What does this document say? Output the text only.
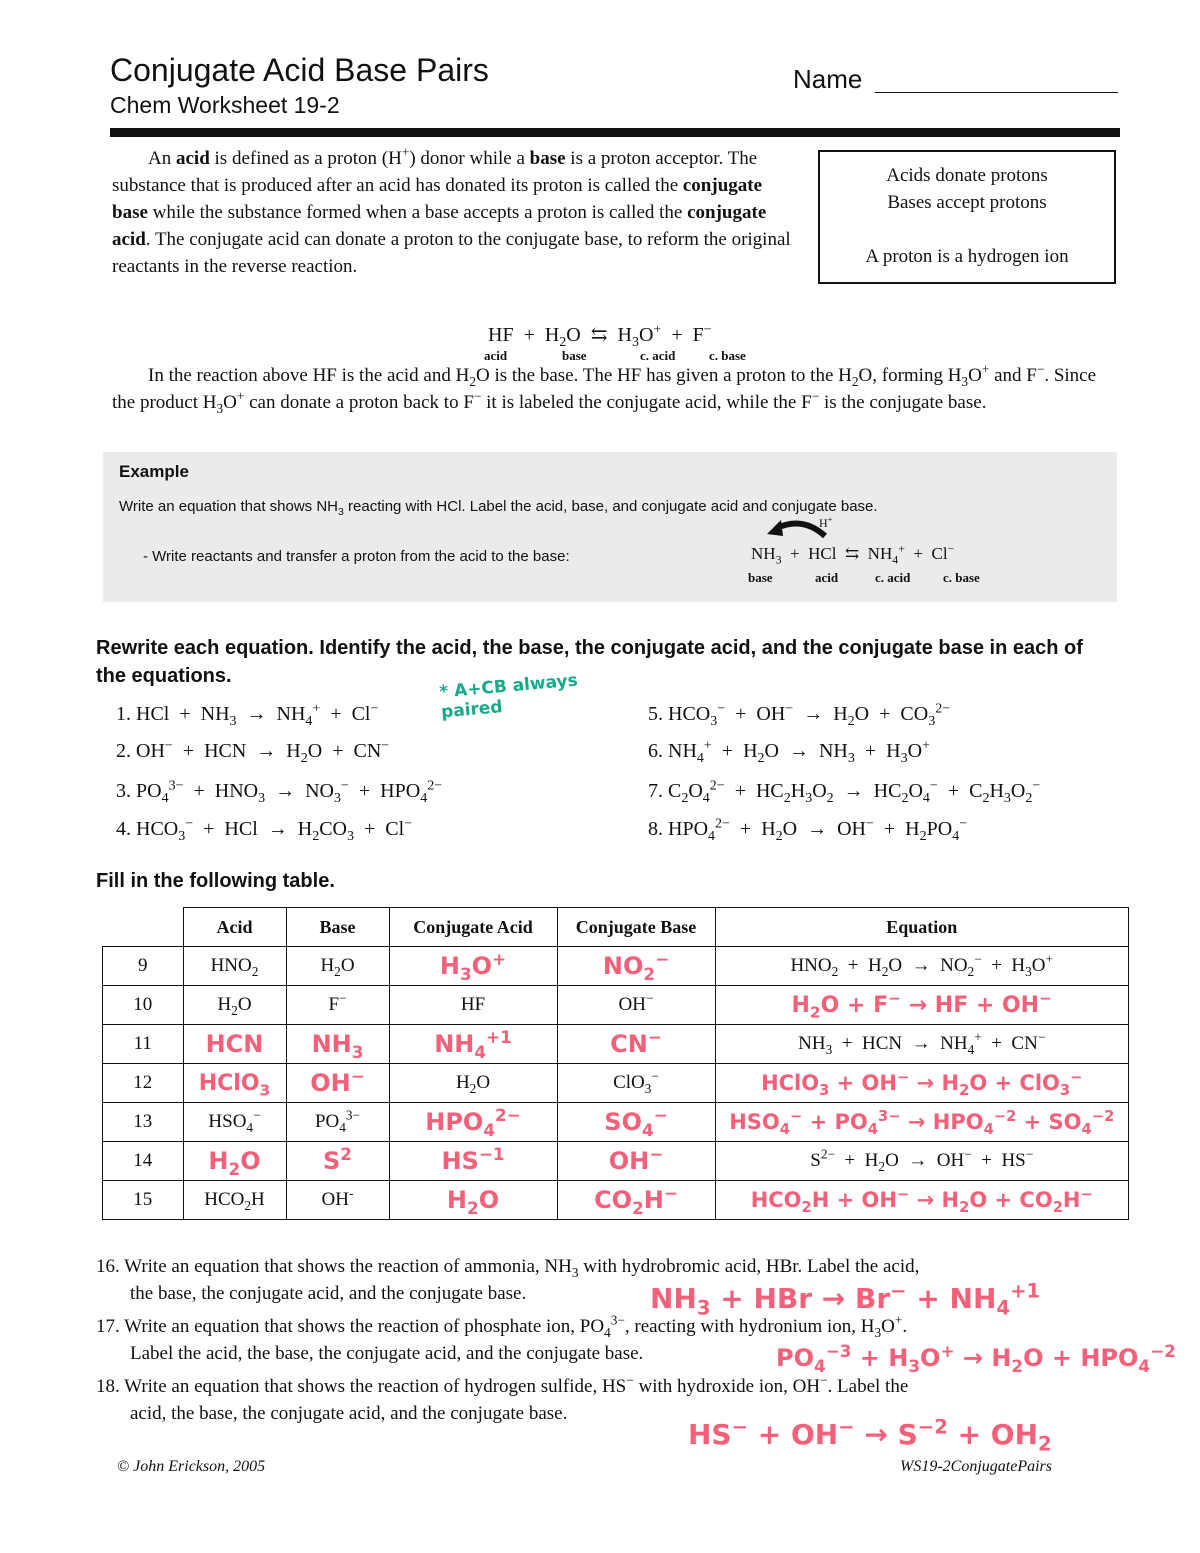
Conjugate Acid Base Pairs
Chem Worksheet 19-2
Name
An acid is defined as a proton (H+) donor while a base is a proton acceptor. The substance that is produced after an acid has donated its proton is called the conjugate base while the substance formed when a base accepts a proton is called the conjugate acid. The conjugate acid can donate a proton to the conjugate base, to reform the original reactants in the reverse reaction.
Acids donate protons
Bases accept protons
A proton is a hydrogen ion
HF  +  $H_2O$  ⇆  $H_3O^+ + F^-$
acid	base	c. acid	c. base
In the reaction above HF is the acid and $H_2O$ is the base. The HF has given a proton to the $H_2O$, forming $H_3O^+$ and F−. Since the product $H_3O^+$ can donate a proton back to F− it is labeled the conjugate acid, while the F− is the conjugate base.
Example
Write an equation that shows $NH_3$ reacting with HCl. Label the acid, base, and conjugate acid and conjugate base.
- Write reactants and transfer a proton from the acid to the base:
H+
$NH_3$  +  HCl  ⇆  $NH_4^+ + Cl^-$
base	acid	c. acid	c. base
Rewrite each equation. Identify the acid, the base, the conjugate acid, and the conjugate base in each of the equations.	* A+CB always paired
1. HCl  +  $NH_3 \to NH_4^+ + Cl^-$
2. OH−  +  HCN  →  $H_2O + CN^-$
3. $PO_4^{3-} + HNO_3 \to NO_3^- + HPO_4^{2-}$
4. $HCO_3^-$  +  HCl  →  $H_2CO_3 + Cl^-$
5. $HCO_3^- + OH^- \to H_2O + CO_3^{2-}$
6. $NH_4^+ + H_2O \to NH_3 + H_3O^+$
7. $C_2O_4^{2-} + HC_2H_3O_2 \to HC_2O_4^- + C_2H_3O_2^-$
8. $HPO_4^{2-} + H_2O \to OH^- + H_2PO_4^-$
Fill in the following table.
	Acid	Base	Conjugate Acid	Conjugate Base	Equation
9	$HNO_2$	$H_2O$	$H_3O^+$	$NO_2^-$	$HNO_2 + H_2O \to NO_2^- + H_3O^+$
10	$H_2O$	F−	HF	OH−	$H_2O + F^-$ → HF + OH−
11	HCN	$NH_3$	$NH_4^{+1}$	CN−	$NH_3$  +  HCN  →  $NH_4^+ + CN^-$
12	HClO$_3$	OH−	$H_2O$	ClO$_3$−	HClO$_3$ + $OH^- \to H_2O + ClO_3^-$
13	$HSO_4^-$	$PO_4^{3-}$	$HPO_4^{2-}$	$SO_4^-$	$HSO_4^- + PO_4^{3-} \to HPO_4^{-2} + SO_4^{-2}$
14	$H_2O$	$S^2$	$HS^{-1}$	OH−	$S^{2-} + H_2O \to OH^- + HS^-$
15	$HCO_2H$	OH-	$H_2O$	$CO_2H^-$	$HCO_2H + OH^- \to H_2O + CO_2H^-$
16. Write an equation that shows the reaction of ammonia, $NH_3$ with hydrobromic acid, HBr. Label the acid,
the base, the conjugate acid, and the conjugate base.	$NH_3$ + HBr → $Br^- + NH_4^{+1}$
17. Write an equation that shows the reaction of phosphate ion, $PO_4^{3-}$, reacting with hydronium ion, $H_3O^+$.
Label the acid, the base, the conjugate acid, and the conjugate base.	$PO_4^{-3} + H_3O^+ \to H_2O + HPO_4^{-2}$
18. Write an equation that shows the reaction of hydrogen sulfide, HS− with hydroxide ion, OH−. Label the
acid, the base, the conjugate acid, and the conjugate base.
$HS^- + OH^- \to S^{-2} + OH_2$
© John Erickson, 2005	WS19-2ConjugatePairs
